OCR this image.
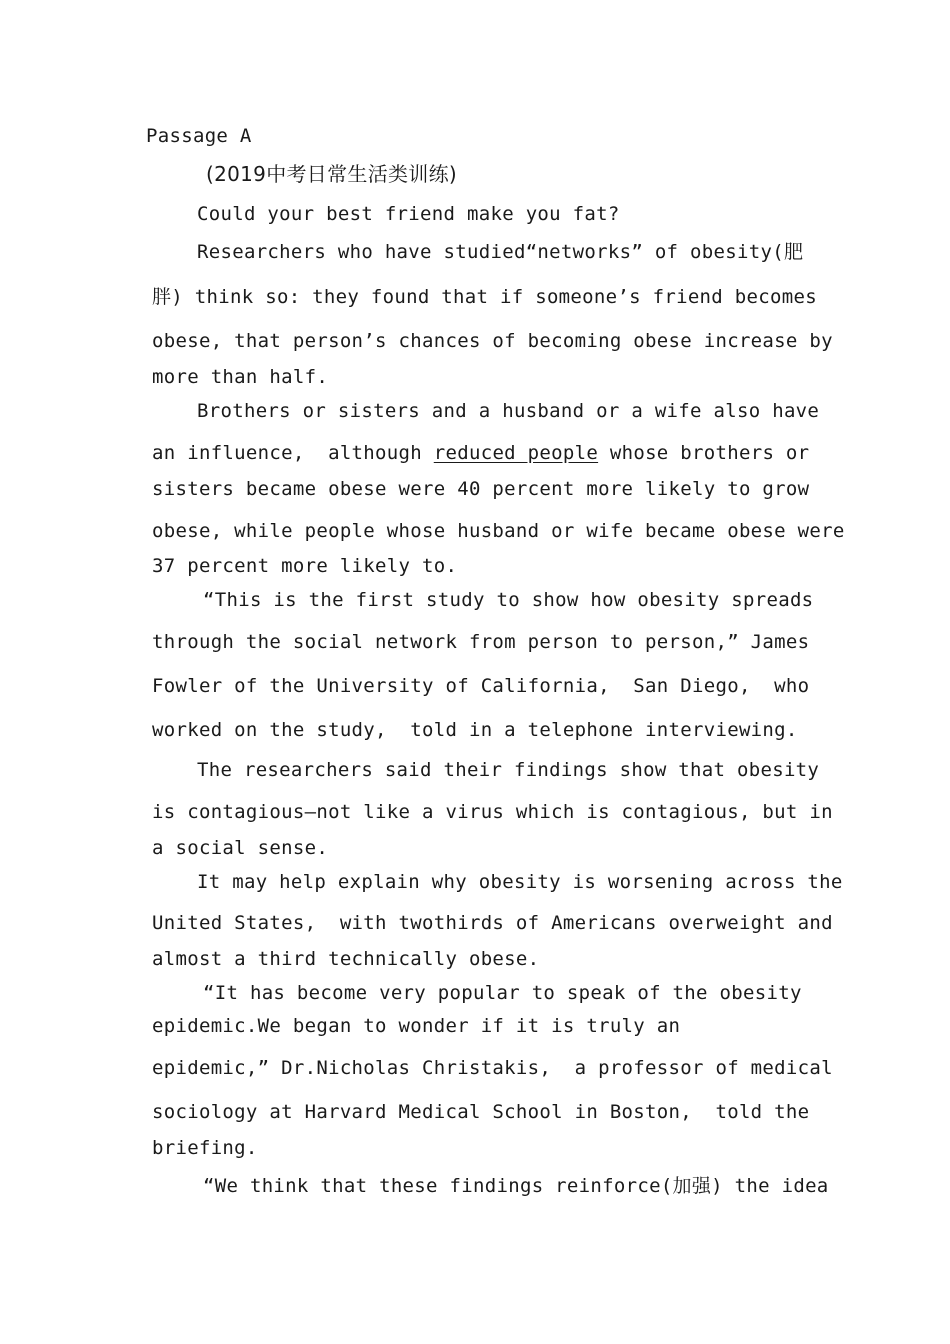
Passage A
(2019中考日常生活类训练)
Could your best friend make you fat?
Researchers who have studied“networks” of obesity(肥
胖) think so: they found that if someone’s friend becomes
obese, that person’s chances of becoming obese increase by
more than half.
Brothers or sisters and a husband or a wife also have
an influence,  although reduced people whose brothers or
sisters became obese were 40 percent more likely to grow
obese, while people whose husband or wife became obese were
37 percent more likely to.
“This is the first study to show how obesity spreads
through the social network from person to person,” James
Fowler of the University of California,  San Diego,  who
worked on the study,  told in a telephone interviewing.
The researchers said their findings show that obesity
is contagious—not like a virus which is contagious, but in
a social sense.
It may help explain why obesity is worsening across the
United States,  with twothirds of Americans overweight and
almost a third technically obese.
“It has become very popular to speak of the obesity
epidemic.We began to wonder if it is truly an
epidemic,” Dr.Nicholas Christakis,  a professor of medical
sociology at Harvard Medical School in Boston,  told the
briefing.
“We think that these findings reinforce(加强) the idea
